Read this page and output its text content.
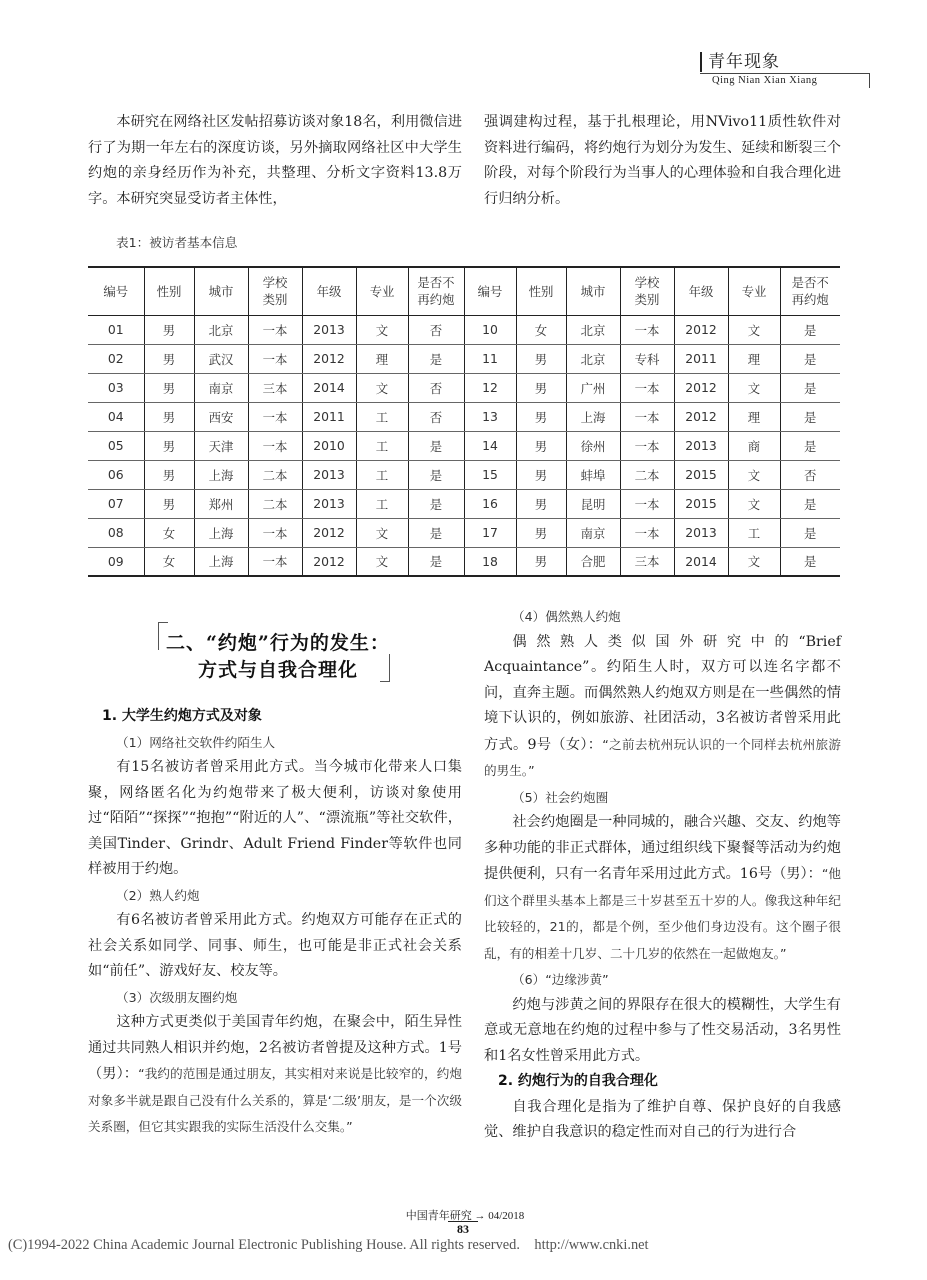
青年现象
Qing Nian Xian Xiang

本研究在网络社区发帖招募访谈对象18名，利用微信进行了为期一年左右的深度访谈，另外摘取网络社区中大学生约炮的亲身经历作为补充，共整理、分析文字资料13.8万字。本研究突显受访者主体性，

强调建构过程，基于扎根理论，用NVivo11质性软件对资料进行编码，将约炮行为划分为发生、延续和断裂三个阶段，对每个阶段行为当事人的心理体验和自我合理化进行归纳分析。

表1：被访者基本信息
编号	性别	城市	学校类别	年级	专业	是否不再约炮	编号	性别	城市	学校类别	年级	专业	是否不再约炮
01	男	北京	一本	2013	文	否	10	女	北京	一本	2012	文	是
02	男	武汉	一本	2012	理	是	11	男	北京	专科	2011	理	是
03	男	南京	三本	2014	文	否	12	男	广州	一本	2012	文	是
04	男	西安	一本	2011	工	否	13	男	上海	一本	2012	理	是
05	男	天津	一本	2010	工	是	14	男	徐州	一本	2013	商	是
06	男	上海	二本	2013	工	是	15	男	蚌埠	二本	2015	文	否
07	男	郑州	二本	2013	工	是	16	男	昆明	一本	2015	文	是
08	女	上海	一本	2012	文	是	17	男	南京	一本	2013	工	是
09	女	上海	一本	2012	文	是	18	男	合肥	三本	2014	文	是
二、“约炮”行为的发生：
方式与自我合理化
1. 大学生约炮方式及对象
（1）网络社交软件约陌生人

有15名被访者曾采用此方式。当今城市化带来人口集聚，网络匿名化为约炮带来了极大便利，访谈对象使用过“陌陌”“探探”“抱抱”“附近的人”、“漂流瓶”等社交软件，美国Tinder、Grindr、Adult Friend Finder等软件也同样被用于约炮。

（2）熟人约炮

有6名被访者曾采用此方式。约炮双方可能存在正式的社会关系如同学、同事、师生，也可能是非正式社会关系如“前任”、游戏好友、校友等。

（3）次级朋友圈约炮

这种方式更类似于美国青年约炮，在聚会中，陌生异性通过共同熟人相识并约炮，2名被访者曾提及这种方式。1号（男）：“我约的范围是通过朋友，其实相对来说是比较窄的，约炮对象多半就是跟自己没有什么关系的，算是‘二级’朋友，是一个次级关系圈，但它其实跟我的实际生活没什么交集。”

（4）偶然熟人约炮

偶然熟人类似国外研究中的“Brief Acquaintance”。约陌生人时，双方可以连名字都不问，直奔主题。而偶然熟人约炮双方则是在一些偶然的情境下认识的，例如旅游、社团活动，3名被访者曾采用此方式。9号（女）：“之前去杭州玩认识的一个同样去杭州旅游的男生。”

（5）社会约炮圈

社会约炮圈是一种同城的，融合兴趣、交友、约炮等多种功能的非正式群体，通过组织线下聚餐等活动为约炮提供便利，只有一名青年采用过此方式。16号（男）：“他们这个群里头基本上都是三十岁甚至五十岁的人。像我这种年纪比较轻的，21的，都是个例，至少他们身边没有。这个圈子很乱，有的相差十几岁、二十几岁的依然在一起做炮友。”

（6）“边缘涉黄”

约炮与涉黄之间的界限存在很大的模糊性，大学生有意或无意地在约炮的过程中参与了性交易活动，3名男性和1名女性曾采用此方式。

2. 约炮行为的自我合理化

自我合理化是指为了维护自尊、保护良好的自我感觉、维护自我意识的稳定性而对自己的行为进行合

中国青年研究 → 04/2018
83
(C)1994-2022 China Academic Journal Electronic Publishing House. All rights reserved. http://www.cnki.net
